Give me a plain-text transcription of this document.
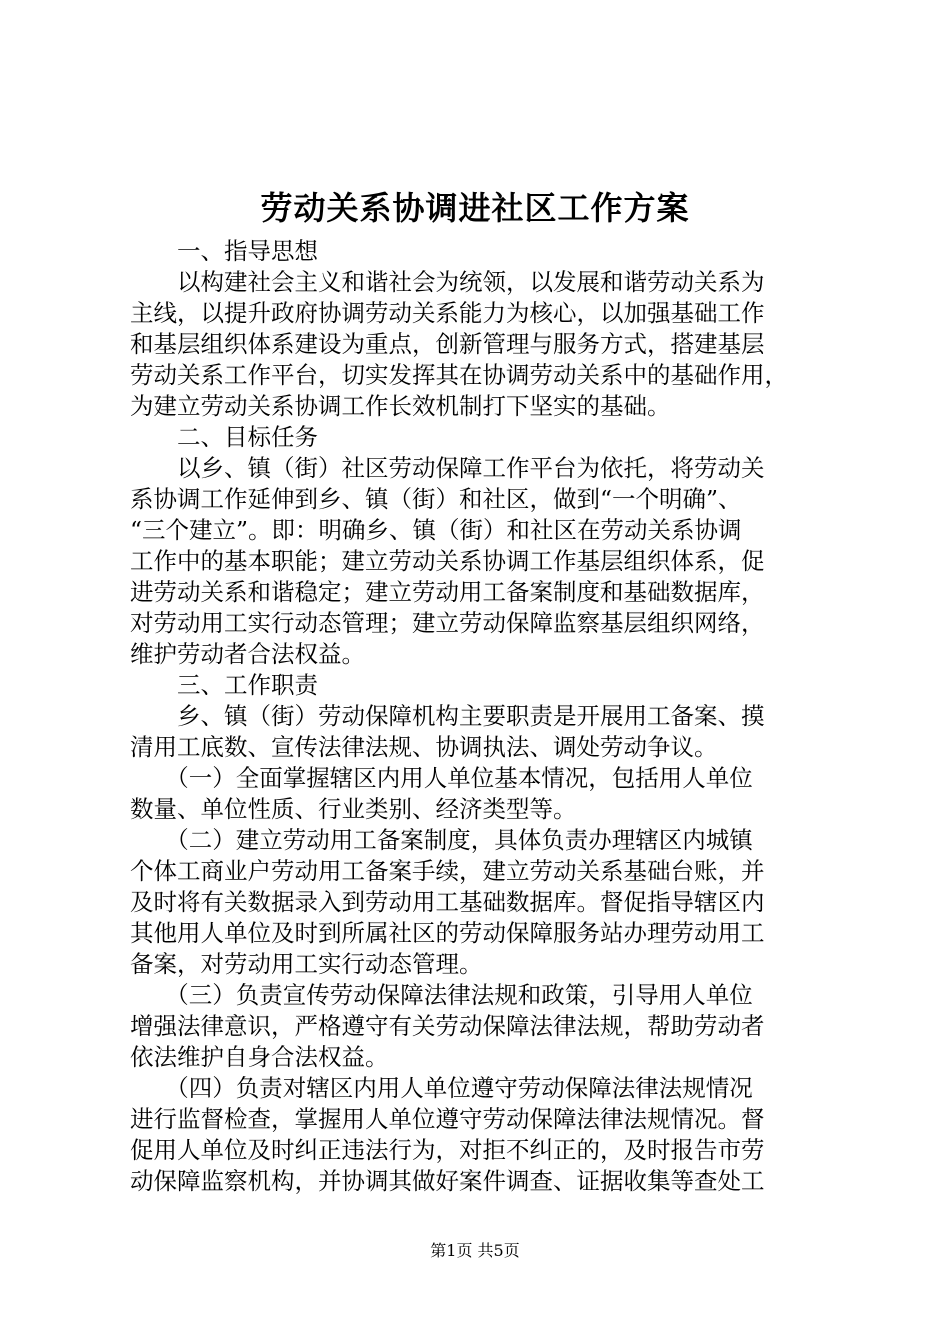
劳动关系协调进社区工作方案
　　一、指导思想
　　以构建社会主义和谐社会为统领，以发展和谐劳动关系为
主线，以提升政府协调劳动关系能力为核心，以加强基础工作
和基层组织体系建设为重点，创新管理与服务方式，搭建基层
劳动关系工作平台，切实发挥其在协调劳动关系中的基础作用，
为建立劳动关系协调工作长效机制打下坚实的基础。
　　二、目标任务
　　以乡、镇（街）社区劳动保障工作平台为依托，将劳动关
系协调工作延伸到乡、镇（街）和社区，做到“一个明确”、
“三个建立”。即：明确乡、镇（街）和社区在劳动关系协调
工作中的基本职能；建立劳动关系协调工作基层组织体系，促
进劳动关系和谐稳定；建立劳动用工备案制度和基础数据库，
对劳动用工实行动态管理；建立劳动保障监察基层组织网络，
维护劳动者合法权益。
　　三、工作职责
　　乡、镇（街）劳动保障机构主要职责是开展用工备案、摸
清用工底数、宣传法律法规、协调执法、调处劳动争议。
　　（一）全面掌握辖区内用人单位基本情况，包括用人单位
数量、单位性质、行业类别、经济类型等。
　　（二）建立劳动用工备案制度，具体负责办理辖区内城镇
个体工商业户劳动用工备案手续，建立劳动关系基础台账，并
及时将有关数据录入到劳动用工基础数据库。督促指导辖区内
其他用人单位及时到所属社区的劳动保障服务站办理劳动用工
备案，对劳动用工实行动态管理。
　　（三）负责宣传劳动保障法律法规和政策，引导用人单位
增强法律意识，严格遵守有关劳动保障法律法规，帮助劳动者
依法维护自身合法权益。
　　（四）负责对辖区内用人单位遵守劳动保障法律法规情况
进行监督检查，掌握用人单位遵守劳动保障法律法规情况。督
促用人单位及时纠正违法行为，对拒不纠正的，及时报告市劳
动保障监察机构，并协调其做好案件调查、证据收集等查处工
第1页 共5页
